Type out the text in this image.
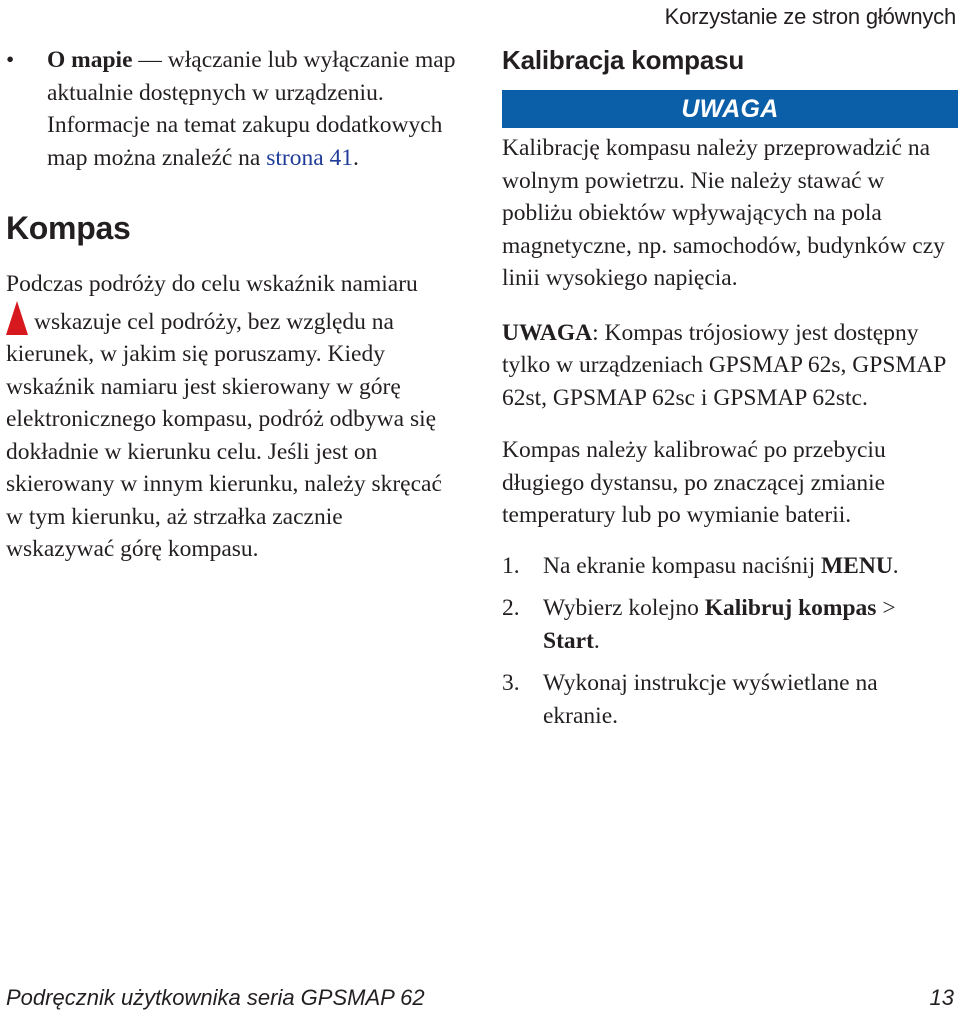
Korzystanie ze stron głównych
• O mapie — włączanie lub wyłączanie map aktualnie dostępnych w urządzeniu. Informacje na temat zakupu dodatkowych map można znaleźć na strona 41.
Kompas

Podczas podróży do celu wskaźnik namiaru
wskazuje cel podróży, bez względu na kierunek, w jakim się poruszamy. Kiedy wskaźnik namiaru jest skierowany w górę elektronicznego kompasu, podróż odbywa się dokładnie w kierunku celu. Jeśli jest on skierowany w innym kierunku, należy skręcać w tym kierunku, aż strzałka zacznie wskazywać górę kompasu.

Kalibracja kompasu
UWAGA

Kalibrację kompasu należy przeprowadzić na wolnym powietrzu. Nie należy stawać w pobliżu obiektów wpływających na pola magnetyczne, np. samochodów, budynków czy linii wysokiego napięcia.

UWAGA: Kompas trójosiowy jest dostępny tylko w urządzeniach GPSMAP 62s, GPSMAP 62st, GPSMAP 62sc i GPSMAP 62stc.

Kompas należy kalibrować po przebyciu długiego dystansu, po znaczącej zmianie temperatury lub po wymianie baterii.

1. Na ekranie kompasu naciśnij MENU.
2. Wybierz kolejno Kalibruj kompas > Start.
3. Wykonaj instrukcje wyświetlane na ekranie.
Podręcznik użytkownika seria GPSMAP 62	13
